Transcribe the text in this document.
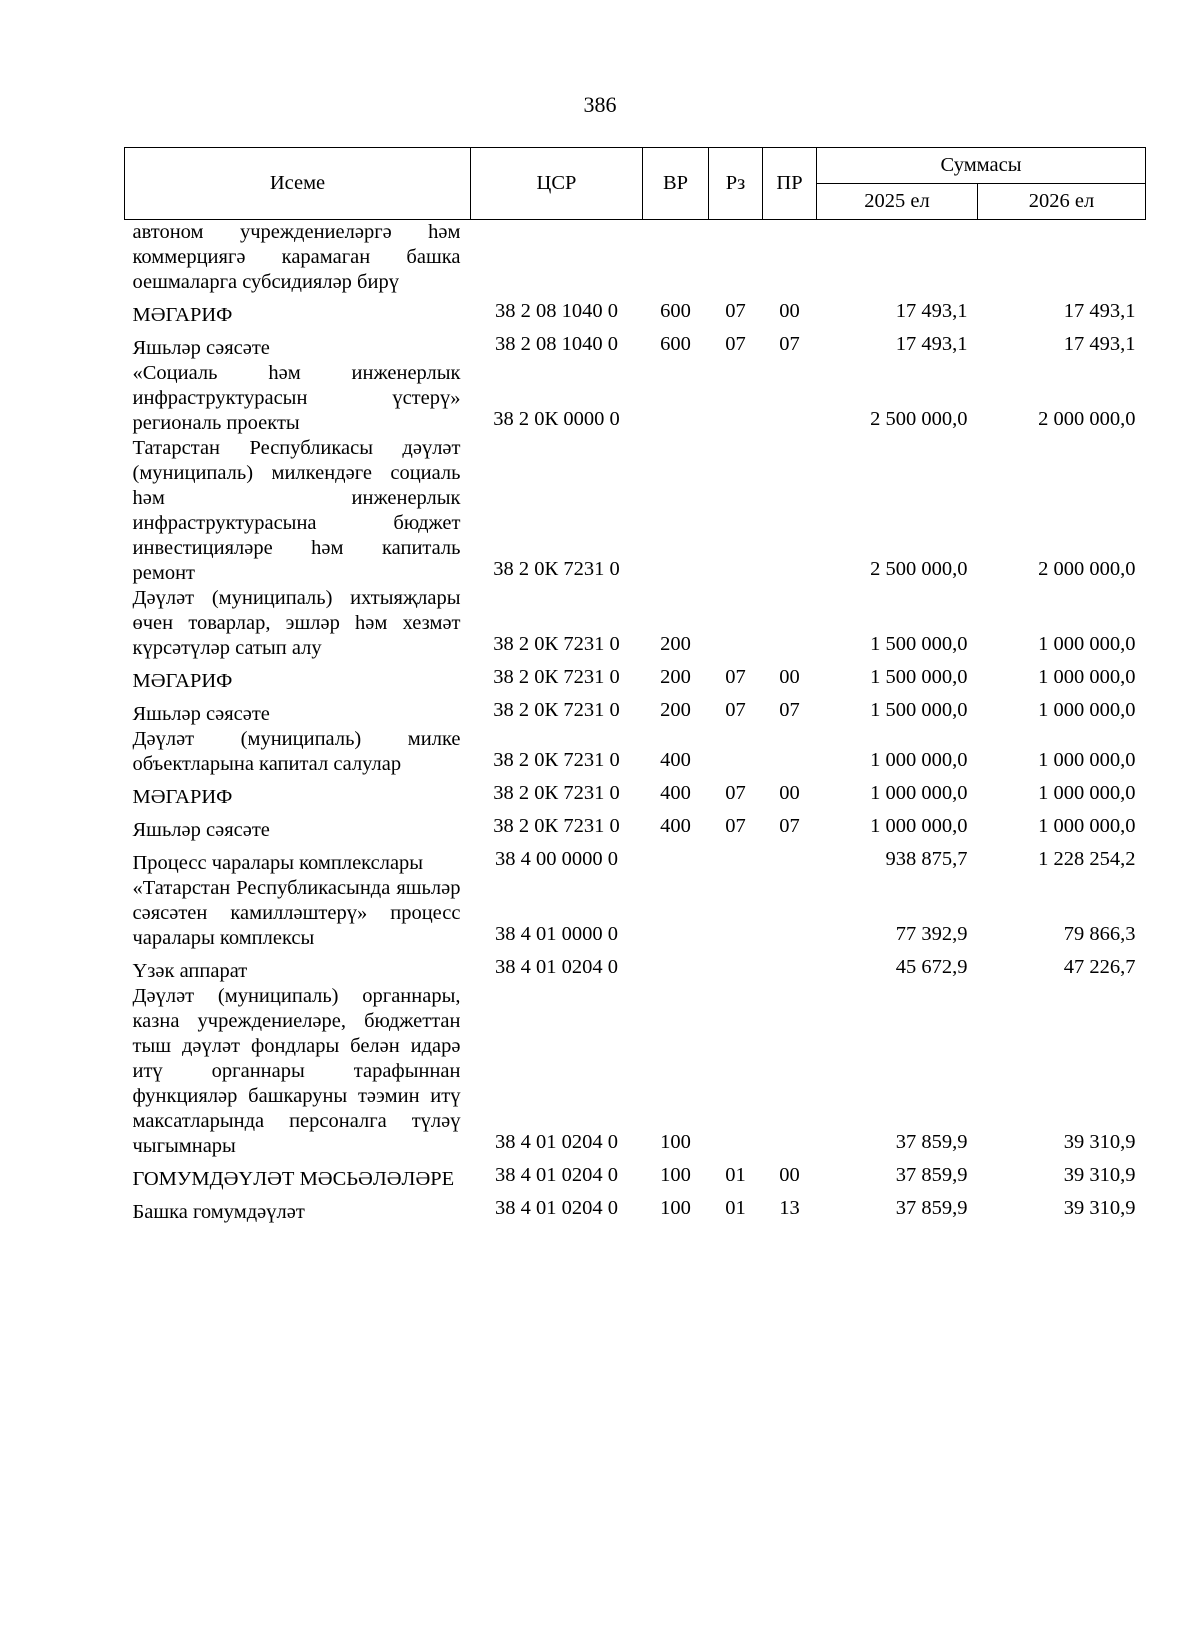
386
Исеме	ЦСР	ВР	Рз	ПР	Суммасы	
					2025 ел	2026 ел
автоном учреждениеләргә һәм коммерциягә карамаган башка оешмаларга субсидияләр бирү						
МӘГАРИФ	38 2 08 1040 0	600	07	00	17 493,1	17 493,1
Яшьләр сәясәте	38 2 08 1040 0	600	07	07	17 493,1	17 493,1
«Социаль һәм инженерлык инфраструктурасын үстерү» региональ проекты	38 2 0К 0000 0				2 500 000,0	2 000 000,0
Татарстан Республикасы дәүләт (муниципаль) милкендәге социаль һәм инженерлык инфраструктурасына бюджет инвестицияләре һәм капиталь ремонт	38 2 0К 7231 0				2 500 000,0	2 000 000,0
Дәүләт (муниципаль) ихтыяҗлары өчен товарлар, эшләр һәм хезмәт күрсәтүләр сатып алу	38 2 0К 7231 0	200			1 500 000,0	1 000 000,0
МӘГАРИФ	38 2 0К 7231 0	200	07	00	1 500 000,0	1 000 000,0
Яшьләр сәясәте	38 2 0К 7231 0	200	07	07	1 500 000,0	1 000 000,0
Дәүләт (муниципаль) милке объектларына капитал салулар	38 2 0К 7231 0	400			1 000 000,0	1 000 000,0
МӘГАРИФ	38 2 0К 7231 0	400	07	00	1 000 000,0	1 000 000,0
Яшьләр сәясәте	38 2 0К 7231 0	400	07	07	1 000 000,0	1 000 000,0
Процесс чаралары комплекслары	38 4 00 0000 0				938 875,7	1 228 254,2
«Татарстан Республикасында яшьләр сәясәтен камилләштерү» процесс чаралары комплексы	38 4 01 0000 0				77 392,9	79 866,3
Үзәк аппарат	38 4 01 0204 0				45 672,9	47 226,7
Дәүләт (муниципаль) органнары, казна учреждениеләре, бюджеттан тыш дәүләт фондлары белән идарә итү органнары тарафыннан функцияләр башкаруны тәэмин итү максатларында персоналга түләү чыгымнары	38 4 01 0204 0	100			37 859,9	39 310,9
ГОМУМДӘҮЛӘТ МӘСЬӘЛӘЛӘРЕ	38 4 01 0204 0	100	01	00	37 859,9	39 310,9
Башка гомумдәүләт	38 4 01 0204 0	100	01	13	37 859,9	39 310,9
